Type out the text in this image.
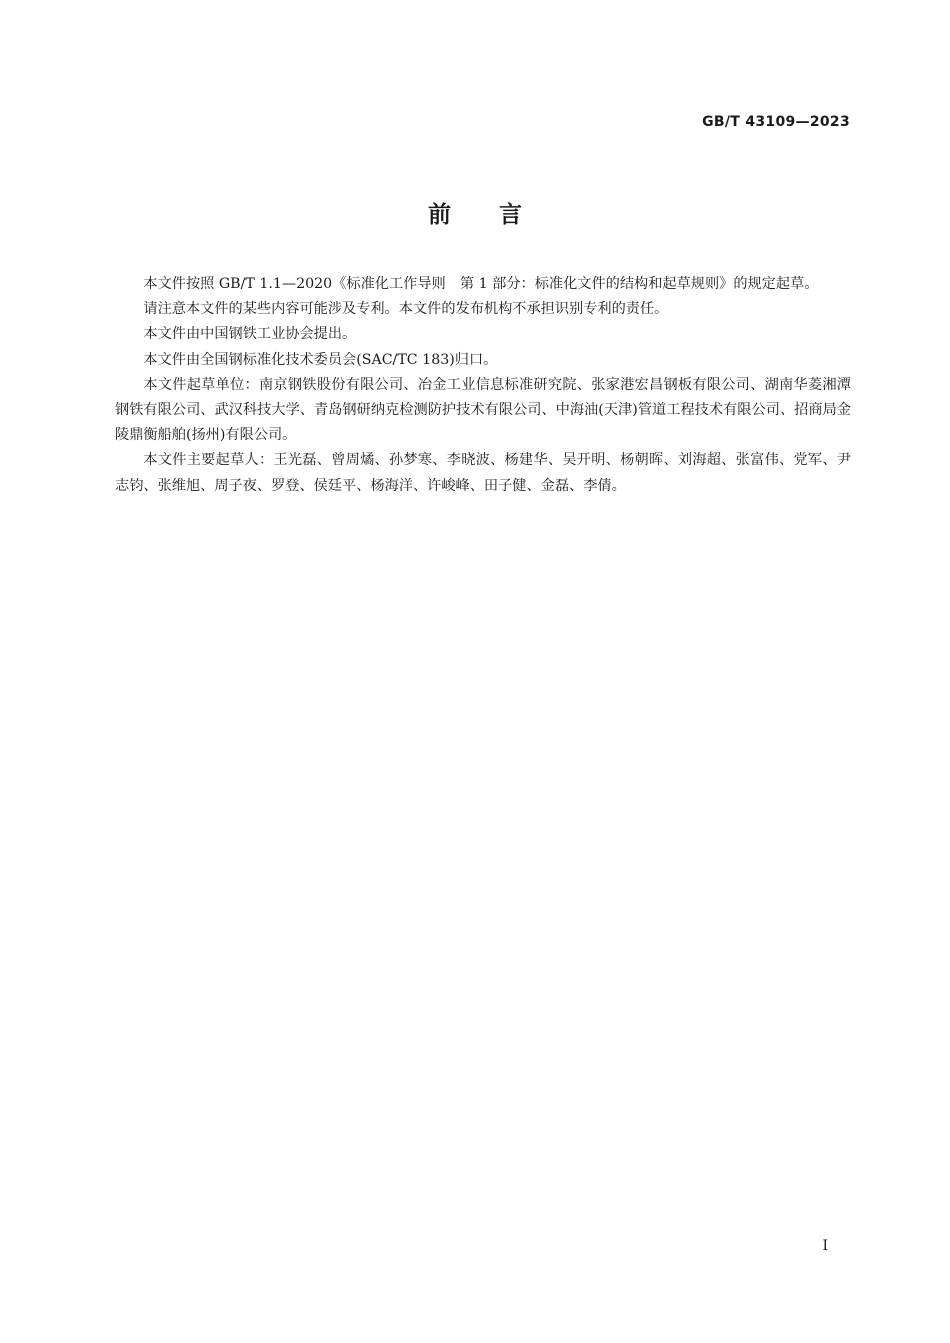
GB/T 43109—2023
前言

本文件按照 GB/T 1.1—2020《标准化工作导则　第 1 部分：标准化文件的结构和起草规则》的规定起草。

请注意本文件的某些内容可能涉及专利。本文件的发布机构不承担识别专利的责任。

本文件由中国钢铁工业协会提出。

本文件由全国钢标准化技术委员会(SAC/TC 183)归口。

本文件起草单位：南京钢铁股份有限公司、冶金工业信息标准研究院、张家港宏昌钢板有限公司、湖南华菱湘潭钢铁有限公司、武汉科技大学、青岛钢研纳克检测防护技术有限公司、中海油(天津)管道工程技术有限公司、招商局金陵鼎衡船舶(扬州)有限公司。

本文件主要起草人：王光磊、曾周燏、孙梦寒、李晓波、杨建华、吴开明、杨朝晖、刘海超、张富伟、党军、尹志钧、张维旭、周子夜、罗登、侯廷平、杨海洋、许峻峰、田子健、金磊、李倩。

I
